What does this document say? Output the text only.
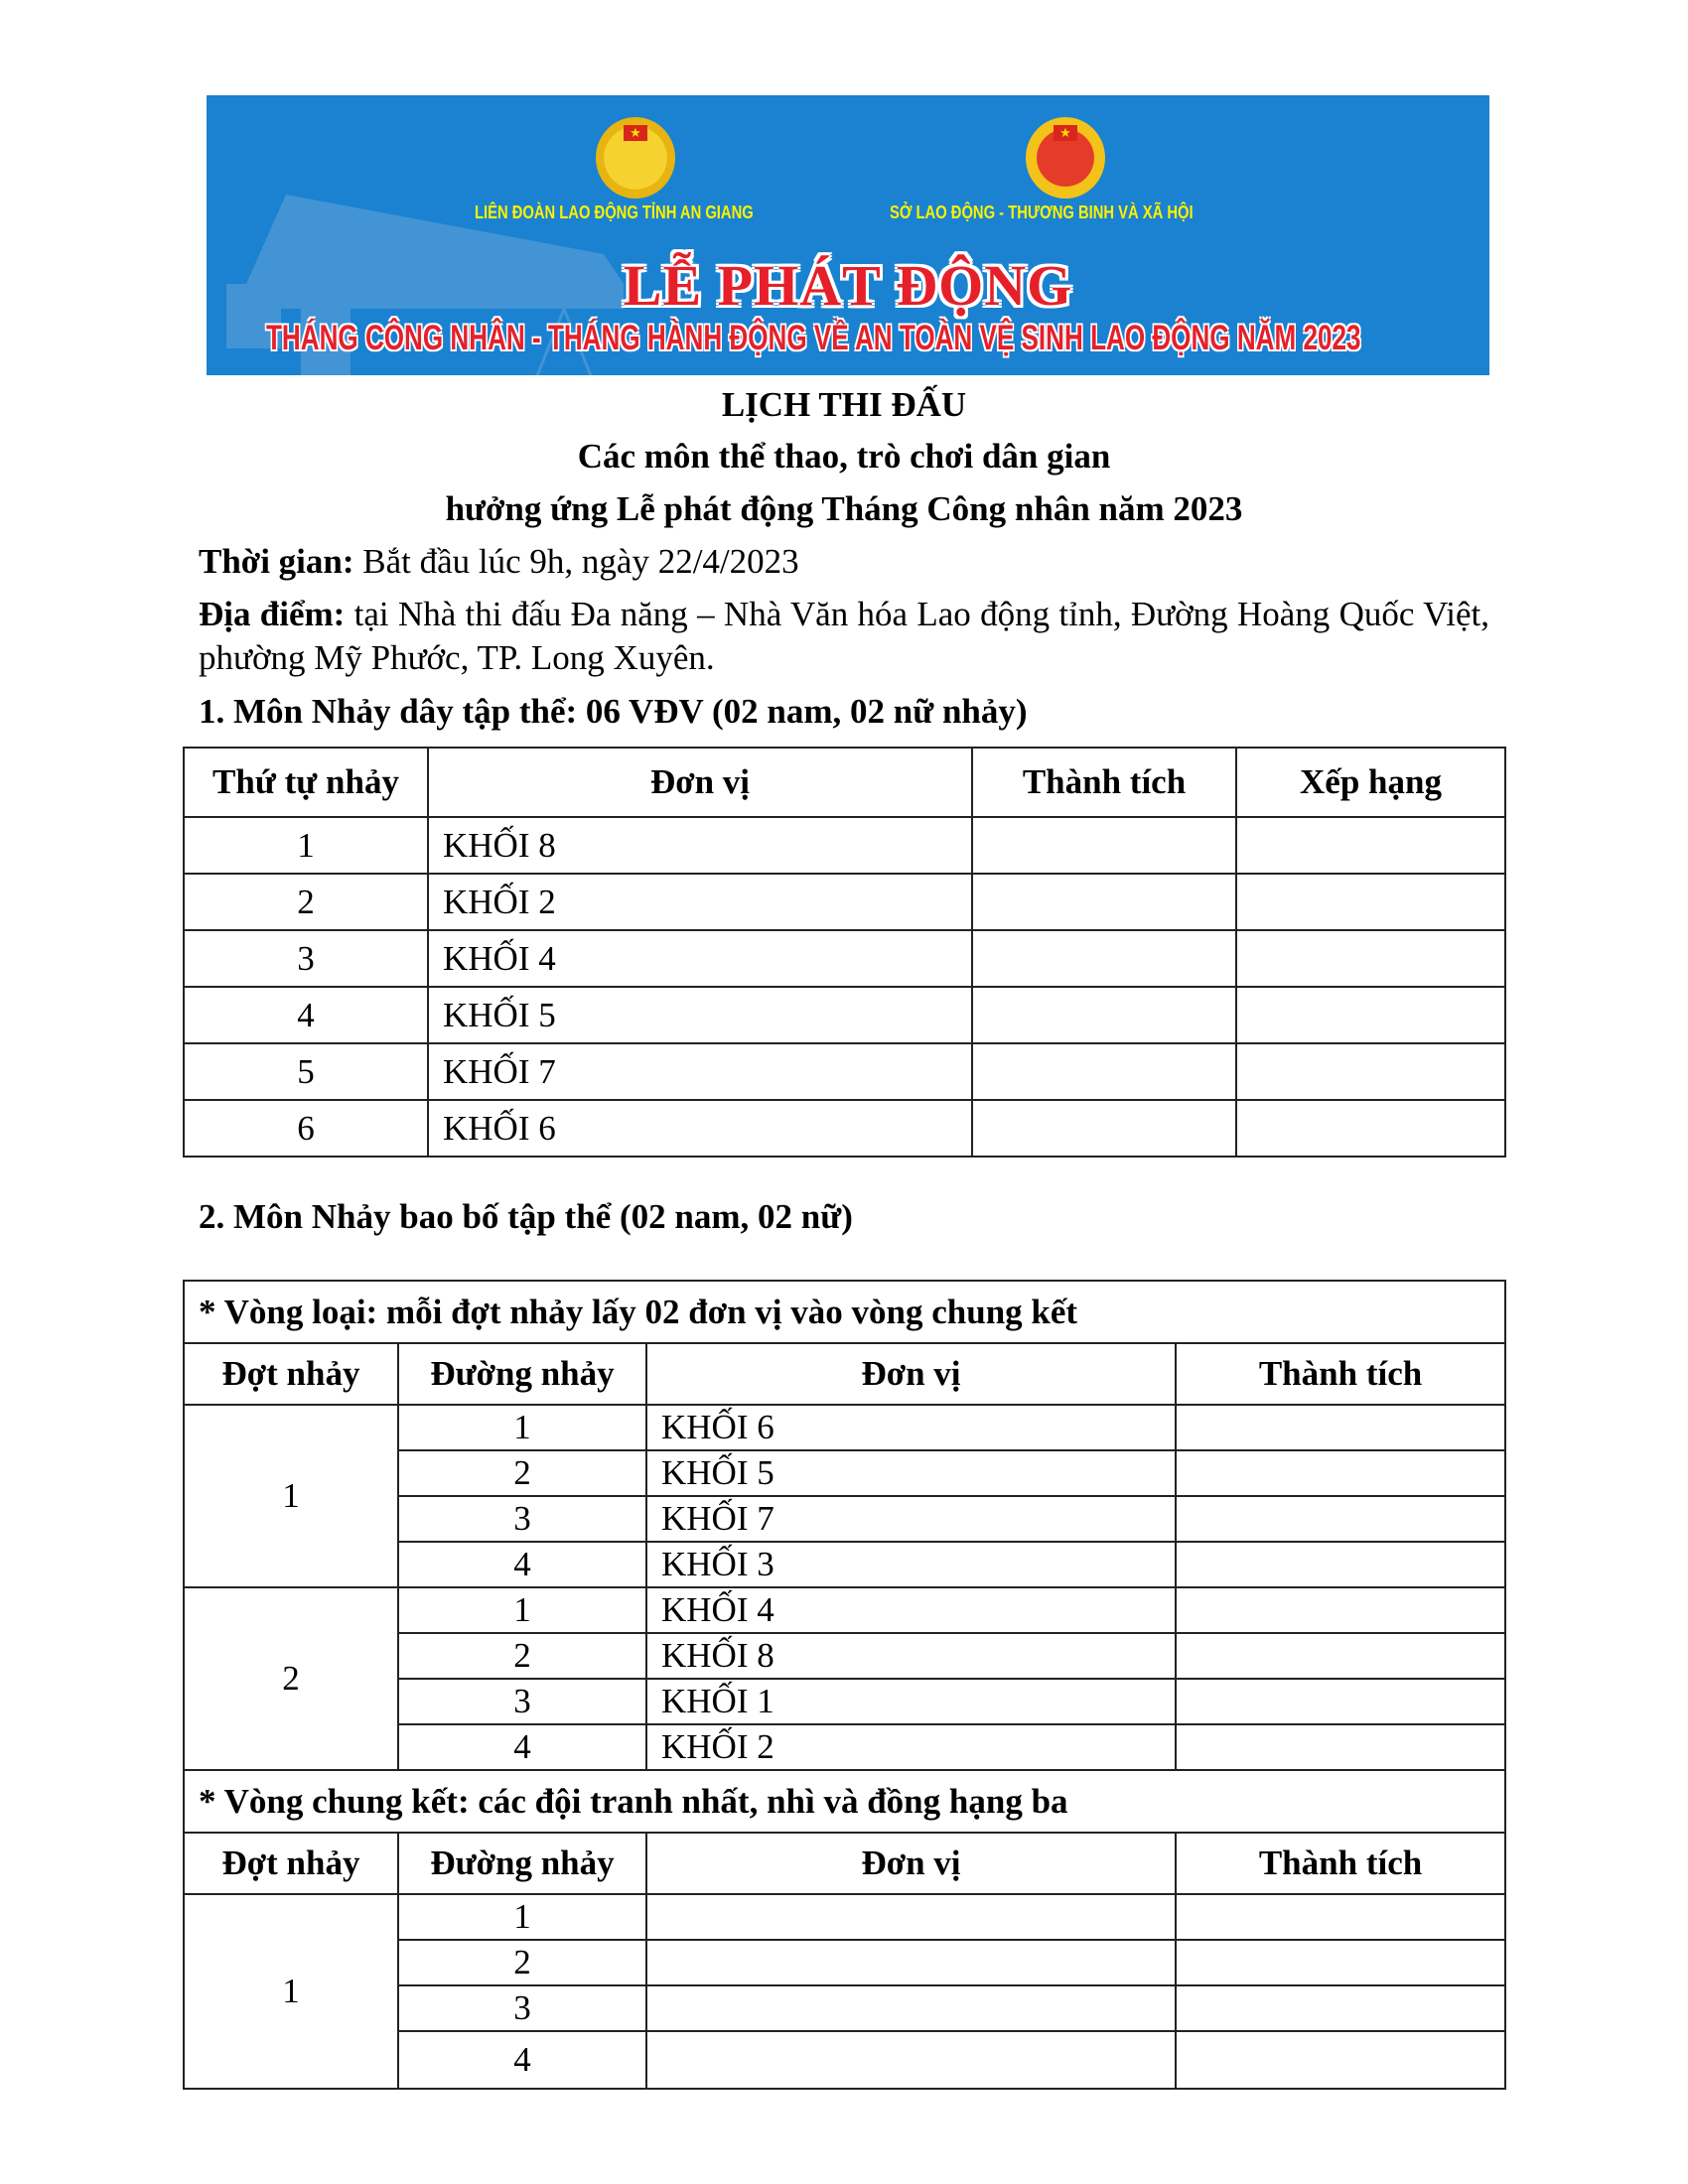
★	★
LIÊN ĐOÀN LAO ĐỘNG TỈNH AN GIANG	SỞ LAO ĐỘNG - THƯƠNG BINH VÀ XÃ HỘI
LỄ PHÁT ĐỘNG
THÁNG CÔNG NHÂN - THÁNG HÀNH ĐỘNG VỀ AN TOÀN VỆ SINH LAO ĐỘNG NĂM 2023
LỊCH THI ĐẤU
Các môn thể thao, trò chơi dân gian
hưởng ứng Lễ phát động Tháng Công nhân năm 2023
Thời gian: Bắt đầu lúc 9h, ngày 22/4/2023
Địa điểm: tại Nhà thi đấu Đa năng – Nhà Văn hóa Lao động tỉnh, Đường Hoàng Quốc Việt, phường Mỹ Phước, TP. Long Xuyên.
1. Môn Nhảy dây tập thể: 06 VĐV (02 nam, 02 nữ nhảy)
Thứ tự nhảy	Đơn vị	Thành tích	Xếp hạng
1	KHỐI 8		
2	KHỐI 2		
3	KHỐI 4		
4	KHỐI 5		
5	KHỐI 7		
6	KHỐI 6		
2. Môn Nhảy bao bố tập thể (02 nam, 02 nữ)
* Vòng loại: mỗi đợt nhảy lấy 02 đơn vị vào vòng chung kết			
Đợt nhảy	Đường nhảy	Đơn vị	Thành tích
1	1	KHỐI 6	
	2	KHỐI 5	
	3	KHỐI 7	
	4	KHỐI 3	
2	1	KHỐI 4	
	2	KHỐI 8	
	3	KHỐI 1	
	4	KHỐI 2	
* Vòng chung kết: các đội tranh nhất, nhì và đồng hạng ba			
Đợt nhảy	Đường nhảy	Đơn vị	Thành tích
1	1		
	2		
	3		
	4		
